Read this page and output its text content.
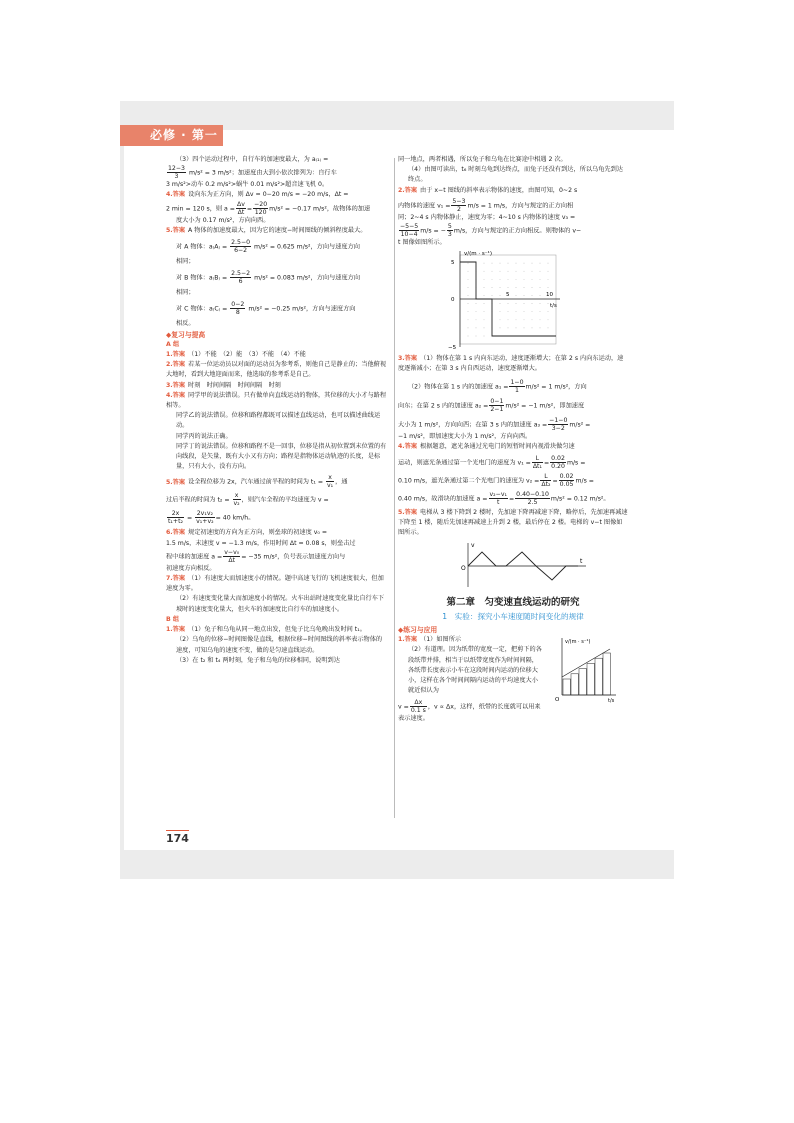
必修 · 第一册	（3）四个运动过程中，自行车的加速度最大，为 a₍₁₎ =

$\frac{12-3}{3} m/s^2 = 3$ m/s²；加速度由大到小依次排列为：自行车

3 m/s²>动车 0.2 m/s²>蜗牛 0.01 m/s²>超音速飞机 0。

4.答案 设向东为正方向，则 Δv = 0−20 m/s = −20 m/s，Δt =

2 min = 120 s，则 $a = \frac{\Delta v}{\Delta t} = \frac{-20}{120} m/s^2 = -0.17$ m/s²，故物体的加速

度大小为 0.17 m/s²，方向向西。

5.答案 A 物体的加速度最大，因为它的速度−时间图线的倾斜程度最大。

对 A 物体：$a_(A_) = \frac{2.5-0}{6-2} m/s^2 = 0.625$ m/s²，方向与速度方向

相同；

对 B 物体：$a_(B_) = \frac{2.5-2}{6} m/s^2 = 0.083$ m/s²，方向与速度方向

相同；

对 C 物体：$a_(C_) = \frac{0-2}{8} m/s^2 = -0.25$ m/s²，方向与速度方向

相反。

◆复习与提高

A 组

1.答案 （1）不能　（2）能　（3）不能　（4）不能

2.答案 若某一位运动员以对面的运动员为参考系，则他自己是静止的；当他俯视大地时，看到大地迎面而来，他选取的参考系是自己。

3.答案 时刻　时间间隔　时间间隔　时刻

4.答案 同学甲的说法错误。只有做单向直线运动的物体，其位移的大小才与路程相等。

同学乙的说法错误。位移和路程都既可以描述直线运动，也可以描述曲线运动。

同学丙的说法正确。

同学丁的说法错误。位移和路程不是一回事，位移是指从初位置到末位置的有向线段，是矢量，既有大小又有方向；路程是指物体运动轨迹的长度，是标量，只有大小，没有方向。

5.答案 设全程位移为 2x，汽车通过前半程的时间为 $t_1 = \frac{x}{\text{v₁}}$ ，通

过后半程的时间为 $t_2 = \frac{x}{\text{v₂}}$ ，则汽车全程的平均速度为 v =

$\frac{2x}{\text{t₁+t₂}} = \frac{\text{2v₁v₂}}{\text{v₁+v₂}} = 40$ km/h。

6.答案 规定初速度的方向为正方向，则垒球的初速度 v₀ =

1.5 m/s，末速度 v = −1.3 m/s，作用时间 Δt = 0.08 s，则垒击过

程中球的加速度 $a = \frac{\text{v−v₀}}{\Delta t} = -35$ m/s²，负号表示加速度方向与

初速度方向相反。

7.答案 （1）有速度大而加速度小的情况。题中高速飞行的飞机速度很大，但加速度为零。

（2）有速度变化量大而加速度小的情况。火车出站时速度变化量比自行车下坡时的速度变化量大，但火车的加速度比自行车的加速度小。

B 组

1.答案 （1）兔子和乌龟从同一地点出发，但兔子比乌龟晚出发时间 t₁。

（2）乌龟的位移−时间图像是直线，根据位移−时间图线的斜率表示物体的速度，可知乌龟的速度不变，做的是匀速直线运动。

（3）在 t₂ 和 t₄ 两时刻，兔子和乌龟的位移相同，说明到达

同一地点，两者相遇，所以兔子和乌龟在比赛途中相遇 2 次。

（4）由图可读出，t₆ 时刻乌龟到达终点，而兔子还没有到达，所以乌龟先到达终点。

2.答案 由于 x−t 图线的斜率表示物体的速度，由图可知，0~2 s

内物体的速度 $v_1 = \frac{5-3}{2} m/s = 1$ m/s，方向与规定的正方向相

同；2~4 s 内物体静止，速度为零；4~10 s 内物体的速度 v₃ =

$\frac{-5-5}{10-4} m/s$ = − $\frac{5}{3} m/s$，方向与规定的正方向相反。则物体的 v−

t 图像如图所示。

v/(m · s⁻¹)
t/s
5
0
−5
5	10

3.答案 （1）物体在第 1 s 内向东运动，速度逐渐增大；在第 2 s 内向东运动，速度逐渐减小；在第 3 s 内自西运动，速度逐渐增大。

（2）物体在第 1 s 内的加速度 $a_1 = \frac{1-0}{1} m/s^2 = 1$ m/s²，方向

向东；在第 2 s 内的加速度 $a_2 = \frac{0-1}{2-1} m/s^2 = -1$ m/s²，即加速度

大小为 1 m/s²，方向向西；在第 3 s 内的加速度 $a_3 = \frac{-1-0}{3-2} m/s^2$ =

−1 m/s²，即加速度大小为 1 m/s²，方向向西。

4.答案 根据题意，遮光条通过光电门的短暂时间内视滑块做匀速

运动，则遮光条通过第一个光电门的速度为 $v_1 = \frac{L}{\text{Δt₁}} = \frac{0.02}{0.20} m/s$ =

0.10 m/s，遮光条通过第二个光电门的速度为 $v_2 = \frac{L}{\text{Δt₂}} = \frac{0.02}{0.05} m/s$ =

0.40 m/s，故滑块的加速度 $a = \frac{\text{v₂−v₁}}{t} = \frac{0.40-0.10}{2.5} m/s^2 = 0.12$ m/s²。

5.答案 电梯从 3 楼下降到 2 楼时，先加速下降再减速下降，略停后，先加速再减速下降至 1 楼，随后先加速再减速上升到 2 楼，最后停在 2 楼。电梯的 v−t 图像如图所示。

v
t
O
第二章　匀变速直线运动的研究
1　实验：探究小车速度随时间变化的规律

◆练习与应用

1.答案 （1）如图所示

（2）有道理。因为纸带的宽度一定，把剪下的各段纸带并排，相当于以纸带宽度作为时间间隔，各纸带长度表示小车在这段时间内运动的位移大小，这样在各个时间间隔内运动的平均速度大小就近似认为

$v = \frac{\Delta x}{0.1 s}$ ，v ∝ Δx，这样，纸带的长度就可以用来表示速度。

v/(m · s⁻¹)
t/s
O
174
